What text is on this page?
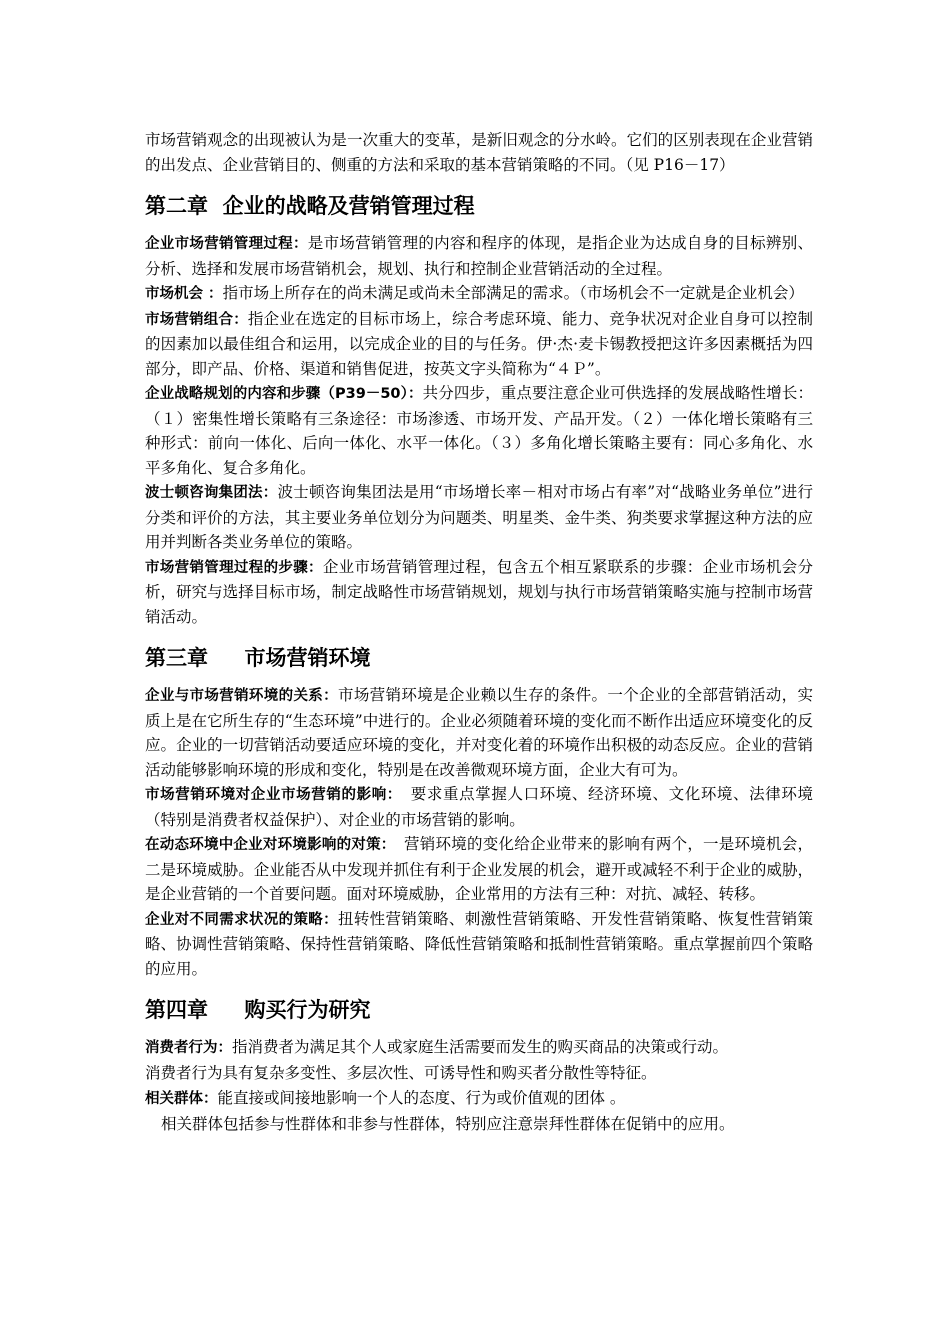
市场营销观念的出现被认为是一次重大的变革，是新旧观念的分水岭。它们的区别表现在企业营销的出发点、企业营销目的、侧重的方法和采取的基本营销策略的不同。（见 P16－17）

第二章  企业的战略及营销管理过程

企业市场营销管理过程：是市场营销管理的内容和程序的体现，是指企业为达成自身的目标辨别、分析、选择和发展市场营销机会，规划、执行和控制企业营销活动的全过程。

市场机会 ：指市场上所存在的尚未满足或尚未全部满足的需求。（市场机会不一定就是企业机会）

市场营销组合：指企业在选定的目标市场上，综合考虑环境、能力、竞争状况对企业自身可以控制的因素加以最佳组合和运用，以完成企业的目的与任务。伊·杰·麦卡锡教授把这许多因素概括为四部分，即产品、价格、渠道和销售促进，按英文字头简称为“４Ｐ”。

企业战略规划的内容和步骤（P39－50）：共分四步，重点要注意企业可供选择的发展战略性增长：（１）密集性增长策略有三条途径：市场渗透、市场开发、产品开发。（２）一体化增长策略有三种形式：前向一体化、后向一体化、水平一体化。（３）多角化增长策略主要有：同心多角化、水平多角化、复合多角化。

波士顿咨询集团法：波士顿咨询集团法是用“市场增长率－相对市场占有率”对“战略业务单位”进行分类和评价的方法，其主要业务单位划分为问题类、明星类、金牛类、狗类要求掌握这种方法的应用并判断各类业务单位的策略。

市场营销管理过程的步骤：企业市场营销管理过程，包含五个相互紧联系的步骤：企业市场机会分析，研究与选择目标市场，制定战略性市场营销规划，规划与执行市场营销策略实施与控制市场营销活动。

第三章     市场营销环境

企业与市场营销环境的关系：市场营销环境是企业赖以生存的条件。一个企业的全部营销活动，实质上是在它所生存的“生态环境”中进行的。企业必须随着环境的变化而不断作出适应环境变化的反应。企业的一切营销活动要适应环境的变化，并对变化着的环境作出积极的动态反应。企业的营销活动能够影响环境的形成和变化，特别是在改善微观环境方面，企业大有可为。

市场营销环境对企业市场营销的影响：　要求重点掌握人口环境、经济环境、文化环境、法律环境（特别是消费者权益保护）、对企业的市场营销的影响。

在动态环境中企业对环境影响的对策：　营销环境的变化给企业带来的影响有两个，一是环境机会，二是环境威胁。企业能否从中发现并抓住有利于企业发展的机会，避开或减轻不利于企业的威胁，是企业营销的一个首要问题。面对环境威胁，企业常用的方法有三种：对抗、减轻、转移。

企业对不同需求状况的策略：扭转性营销策略、刺激性营销策略、开发性营销策略、恢复性营销策略、协调性营销策略、保持性营销策略、降低性营销策略和抵制性营销策略。重点掌握前四个策略的应用。

第四章     购买行为研究

消费者行为：指消费者为满足其个人或家庭生活需要而发生的购买商品的决策或行动。

消费者行为具有复杂多变性、多层次性、可诱导性和购买者分散性等特征。

相关群体：能直接或间接地影响一个人的态度、行为或价值观的团体 。

相关群体包括参与性群体和非参与性群体，特别应注意崇拜性群体在促销中的应用。
